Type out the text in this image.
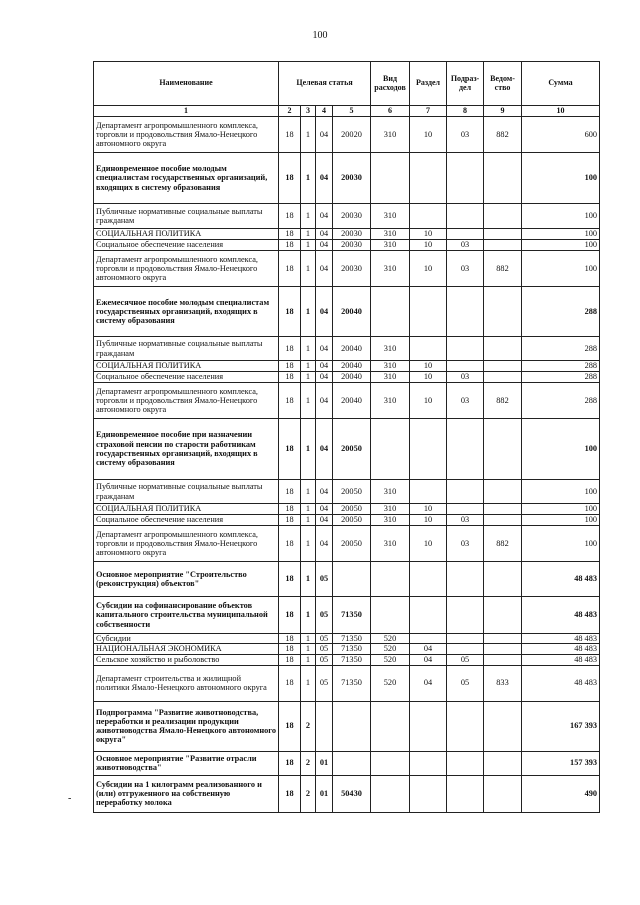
100
Наименование	Целевая статья				Вид расходов	Раздел	Подраз-дел	Ведом-ство	Сумма
1	2	3	4	5	6	7	8	9	10
Департамент агропромышленного комплекса, торговли и продовольствия Ямало-Ненецкого автономного округа	18	1	04	20020	310	10	03	882	600
Единовременное пособие молодым специалистам государственных организаций, входящих в систему образования	18	1	04	20030					100
Публичные нормативные социальные выплаты гражданам	18	1	04	20030	310				100
СОЦИАЛЬНАЯ ПОЛИТИКА	18	1	04	20030	310	10			100
Социальное обеспечение населения	18	1	04	20030	310	10	03		100
Департамент агропромышленного комплекса, торговли и продовольствия Ямало-Ненецкого автономного округа	18	1	04	20030	310	10	03	882	100
Ежемесячное пособие молодым специалистам государственных организаций, входящих в систему образования	18	1	04	20040					288
Публичные нормативные социальные выплаты гражданам	18	1	04	20040	310				288
СОЦИАЛЬНАЯ ПОЛИТИКА	18	1	04	20040	310	10			288
Социальное обеспечение населения	18	1	04	20040	310	10	03		288
Департамент агропромышленного комплекса, торговли и продовольствия Ямало-Ненецкого автономного округа	18	1	04	20040	310	10	03	882	288
Единовременное пособие при назначении страховой пенсии по старости работникам государственных организаций, входящих в систему образования	18	1	04	20050					100
Публичные нормативные социальные выплаты гражданам	18	1	04	20050	310				100
СОЦИАЛЬНАЯ ПОЛИТИКА	18	1	04	20050	310	10			100
Социальное обеспечение населения	18	1	04	20050	310	10	03		100
Департамент агропромышленного комплекса, торговли и продовольствия Ямало-Ненецкого автономного округа	18	1	04	20050	310	10	03	882	100
Основное мероприятие "Строительство (реконструкция) объектов"	18	1	05						48 483
Субсидии на софинансирование объектов капитального строительства муниципальной собственности	18	1	05	71350					48 483
Субсидии	18	1	05	71350	520				48 483
НАЦИОНАЛЬНАЯ ЭКОНОМИКА	18	1	05	71350	520	04			48 483
Сельское хозяйство и рыболовство	18	1	05	71350	520	04	05		48 483
Департамент строительства и жилищной политики Ямало-Ненецкого автономного округа	18	1	05	71350	520	04	05	833	48 483
Подпрограмма "Развитие животноводства, переработки и реализации продукции животноводства Ямало-Ненецкого автономного округа"	18	2							167 393
Основное мероприятие "Развитие отрасли животноводства"	18	2	01						157 393
Субсидии на 1 килограмм реализованного и (или) отгруженного на собственную переработку молока	18	2	01	50430					490
-
